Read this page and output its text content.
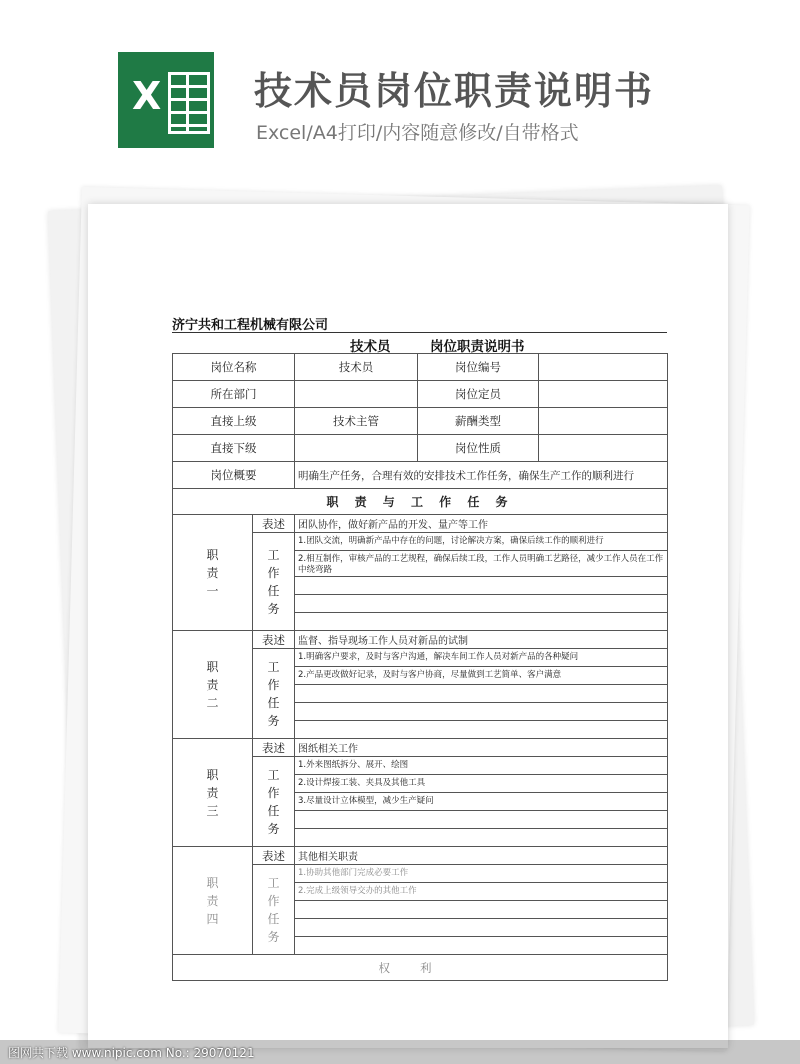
X 技术员岗位职责说明书
Excel/A4打印/内容随意修改/自带格式
济宁共和工程机械有限公司
技术员	岗位职责说明书
岗位名称		技术员	岗位编号	
所在部门			岗位定员	
直接上级		技术主管	薪酬类型	
直接下级			岗位性质	
岗位概要		明确生产任务，合理有效的安排技术工作任务，确保生产工作的顺利进行		
职 责 与 工 作 任 务				

职责一	表述	团队协作，做好新产品的开发、量产等工作		

	工作任务	1.团队交流，明确新产品中存在的问题，讨论解决方案，确保后续工作的顺利进行		
		2.相互制作，审核产品的工艺规程，确保后续工段，工作人员明确工艺路径，减少工作人员在工作中绕弯路		

职责二	表述	监督、指导现场工作人员对新品的试制		

	工作任务	1.明确客户要求，及时与客户沟通，解决车间工作人员对新产品的各种疑问		
		2.产品更改做好记录，及时与客户协商，尽量做到工艺简单、客户满意		

职责三	表述	图纸相关工作		

	工作任务	1.外来图纸拆分、展开、绘图		
		2.设计焊接工装、夹具及其他工具		
		3.尽量设计立体模型，减少生产疑问		

职责四	表述	其他相关职责		

	工作任务	1.协助其他部门完成必要工作		
		2.完成上级领导交办的其他工作		

权利				
图网共下载 www.nipic.com No.: 29070121
